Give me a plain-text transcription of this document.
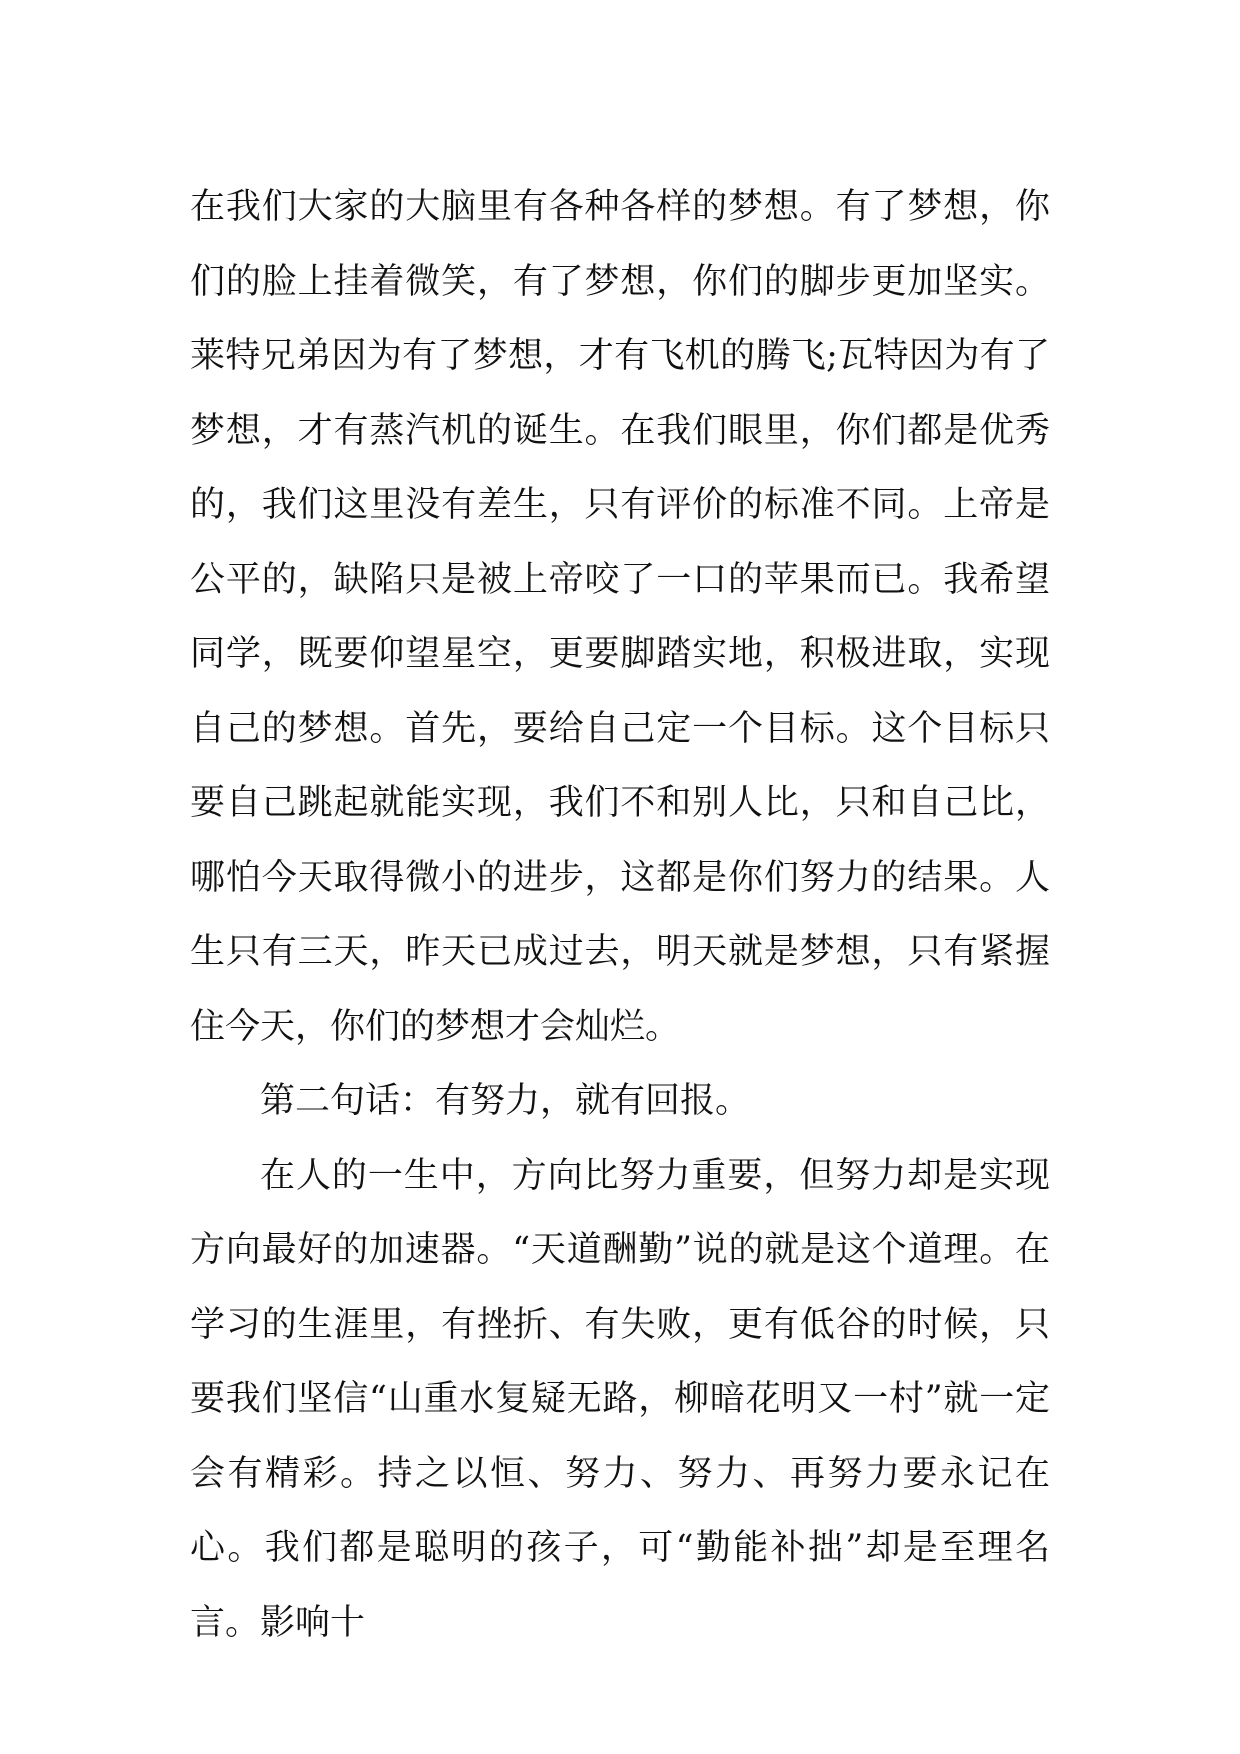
在我们大家的大脑里有各种各样的梦想。有了梦想，你们的脸上挂着微笑，有了梦想，你们的脚步更加坚实。莱特兄弟因为有了梦想，才有飞机的腾飞;瓦特因为有了梦想，才有蒸汽机的诞生。在我们眼里，你们都是优秀的，我们这里没有差生，只有评价的标准不同。上帝是公平的，缺陷只是被上帝咬了一口的苹果而已。我希望同学，既要仰望星空，更要脚踏实地，积极进取，实现自己的梦想。首先，要给自己定一个目标。这个目标只要自己跳起就能实现，我们不和别人比，只和自己比，哪怕今天取得微小的进步，这都是你们努力的结果。人生只有三天，昨天已成过去，明天就是梦想，只有紧握住今天，你们的梦想才会灿烂。

第二句话：有努力，就有回报。

在人的一生中，方向比努力重要，但努力却是实现方向最好的加速器。“天道酬勤”说的就是这个道理。在学习的生涯里，有挫折、有失败，更有低谷的时候，只要我们坚信“山重水复疑无路，柳暗花明又一村”就一定会有精彩。持之以恒、努力、努力、再努力要永记在心。我们都是聪明的孩子，可“勤能补拙”却是至理名言。影响十
